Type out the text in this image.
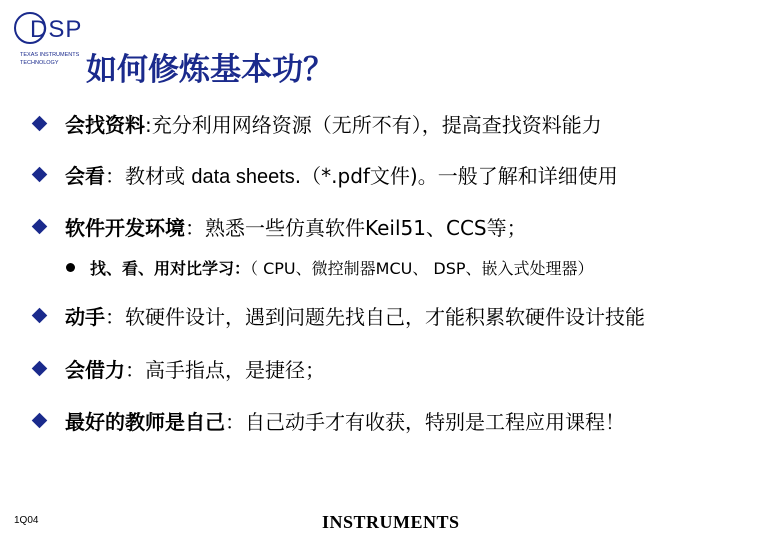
DSP
TEXAS INSTRUMENTS
TECHNOLOGY 如何修炼基本功？
会找资料:充分利用网络资源（无所不有），提高查找资料能力
会看：教材或 data sheets.（*.pdf文件)。一般了解和详细使用
软件开发环境：熟悉一些仿真软件Keil51、CCS等；
找、看、用对比学习：（ CPU、微控制器MCU、 DSP、嵌入式处理器）
动手：软硬件设计，遇到问题先找自己，才能积累软硬件设计技能
会借力：高手指点，是捷径；
最好的教师是自己：自己动手才有收获，特别是工程应用课程！
1Q04	INSTRUMENTS
